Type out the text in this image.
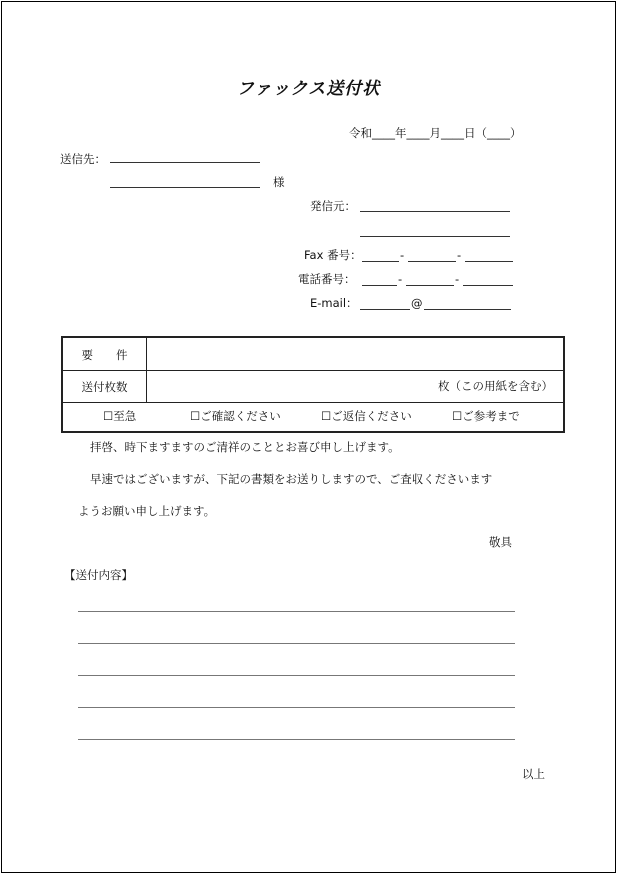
ファックス送付状
令和____年____月____日（____）
送信先：
様
発信元：
Fax 番号：	-	-
電話番号：	-	-
E-mail：	@
要　　件
送付枚数	枚（この用紙を含む）
☐至急	☐ご確認ください	☐ご返信ください	☐ご参考まで
拝啓、時下ますますのご清祥のこととお喜び申し上げます。
早速ではございますが、下記の書類をお送りしますので、ご査収くださいます
ようお願い申し上げます。
敬具
【送付内容】
以上
